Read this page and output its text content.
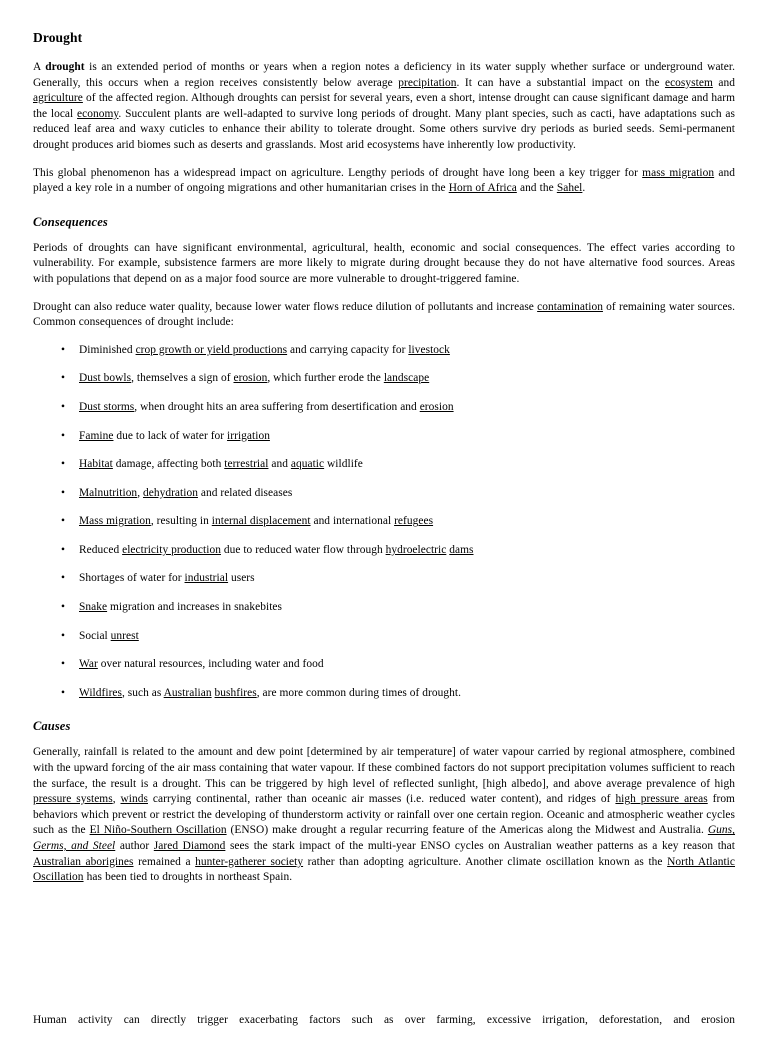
Drought

A drought is an extended period of months or years when a region notes a deficiency in its water supply whether surface or underground water. Generally, this occurs when a region receives consistently below average precipitation. It can have a substantial impact on the ecosystem and agriculture of the affected region. Although droughts can persist for several years, even a short, intense drought can cause significant damage and harm the local economy. Succulent plants are well-adapted to survive long periods of drought. Many plant species, such as cacti, have adaptations such as reduced leaf area and waxy cuticles to enhance their ability to tolerate drought. Some others survive dry periods as buried seeds. Semi-permanent drought produces arid biomes such as deserts and grasslands. Most arid ecosystems have inherently low productivity.

This global phenomenon has a widespread impact on agriculture. Lengthy periods of drought have long been a key trigger for mass migration and played a key role in a number of ongoing migrations and other humanitarian crises in the Horn of Africa and the Sahel.

Consequences

Periods of droughts can have significant environmental, agricultural, health, economic and social consequences. The effect varies according to vulnerability. For example, subsistence farmers are more likely to migrate during drought because they do not have alternative food sources. Areas with populations that depend on as a major food source are more vulnerable to drought-triggered famine.

Drought can also reduce water quality, because lower water flows reduce dilution of pollutants and increase contamination of remaining water sources. Common consequences of drought include:

• Diminished crop growth or yield productions and carrying capacity for livestock
• Dust bowls, themselves a sign of erosion, which further erode the landscape
• Dust storms, when drought hits an area suffering from desertification and erosion
• Famine due to lack of water for irrigation
• Habitat damage, affecting both terrestrial and aquatic wildlife
• Malnutrition, dehydration and related diseases
• Mass migration, resulting in internal displacement and international refugees
• Reduced electricity production due to reduced water flow through hydroelectric dams
• Shortages of water for industrial users
• Snake migration and increases in snakebites
• Social unrest
• War over natural resources, including water and food
• Wildfires, such as Australian bushfires, are more common during times of drought.
Causes

Generally, rainfall is related to the amount and dew point [determined by air temperature] of water vapour carried by regional atmosphere, combined with the upward forcing of the air mass containing that water vapour. If these combined factors do not support precipitation volumes sufficient to reach the surface, the result is a drought. This can be triggered by high level of reflected sunlight, [high albedo], and above average prevalence of high pressure systems, winds carrying continental, rather than oceanic air masses (i.e. reduced water content), and ridges of high pressure areas from behaviors which prevent or restrict the developing of thunderstorm activity or rainfall over one certain region. Oceanic and atmospheric weather cycles such as the El Niño-Southern Oscillation (ENSO) make drought a regular recurring feature of the Americas along the Midwest and Australia. Guns, Germs, and Steel author Jared Diamond sees the stark impact of the multi-year ENSO cycles on Australian weather patterns as a key reason that Australian aborigines remained a hunter-gatherer society rather than adopting agriculture. Another climate oscillation known as the North Atlantic Oscillation has been tied to droughts in northeast Spain.

Human activity can directly trigger exacerbating factors such as over farming, excessive irrigation, deforestation, and erosion
